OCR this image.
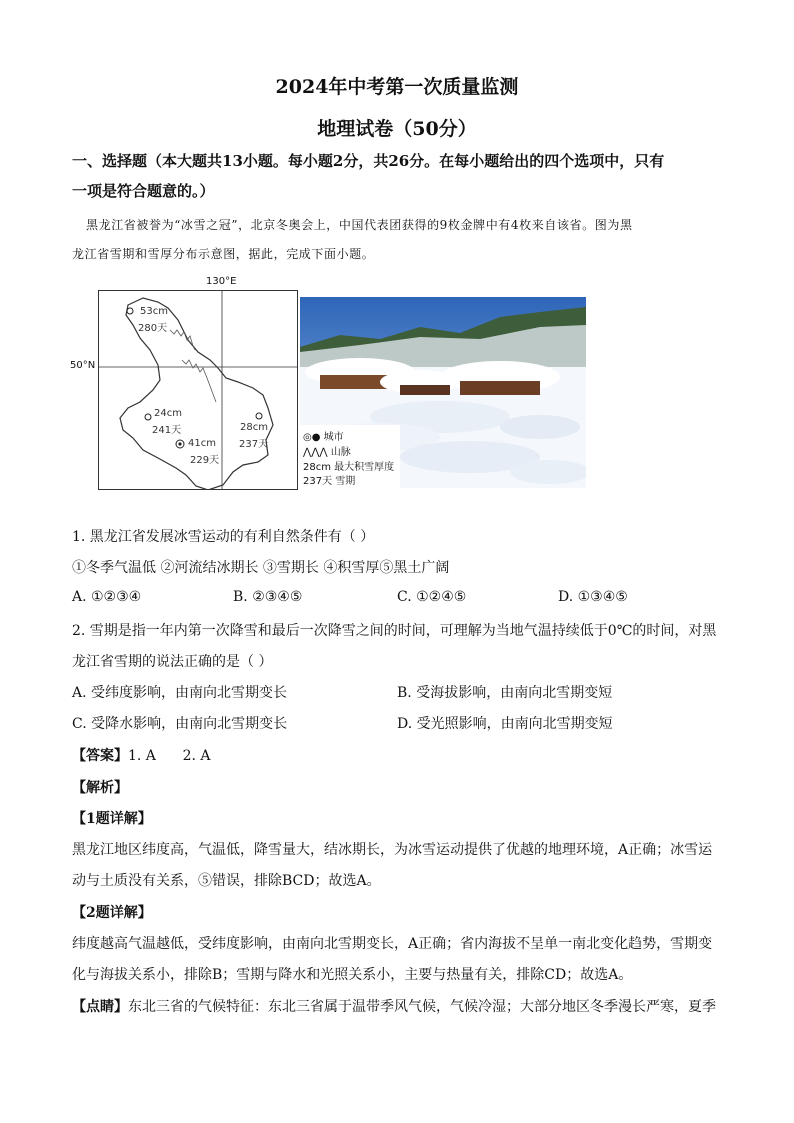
2024年中考第一次质量监测
地理试卷（50分）
一、选择题（本大题共13小题。每小题2分，共26分。在每小题给出的四个选项中，只有
一项是符合题意的。）
黑龙江省被誉为“冰雪之冠”，北京冬奥会上，中国代表团获得的9枚金牌中有4枚来自该省。图为黑
龙江省雪期和雪厚分布示意图，据此，完成下面小题。
130°E
50°N
53cm
280天
24cm
241天
41cm
229天
28cm
237天
◎● 城市
⋀⋀⋀ 山脉
28cm 最大积雪厚度
237天 雪期
1. 黑龙江省发展冰雪运动的有利自然条件有（ ）
①冬季气温低 ②河流结冰期长 ③雪期长 ④积雪厚⑤黑土广阔
A. ①②③④	B. ②③④⑤	C. ①②④⑤	D. ①③④⑤
2. 雪期是指一年内第一次降雪和最后一次降雪之间的时间，可理解为当地气温持续低于0℃的时间，对黑
龙江省雪期的说法正确的是（ ）
A. 受纬度影响，由南向北雪期变长	B. 受海拔影响，由南向北雪期变短
C. 受降水影响，由南向北雪期变长	D. 受光照影响，由南向北雪期变短
【答案】1. A      2. A
【解析】
【1题详解】
黑龙江地区纬度高，气温低，降雪量大，结冰期长，为冰雪运动提供了优越的地理环境，A正确；冰雪运
动与土质没有关系，⑤错误，排除BCD；故选A。
【2题详解】
纬度越高气温越低，受纬度影响，由南向北雪期变长，A正确；省内海拔不呈单一南北变化趋势，雪期变
化与海拔关系小，排除B；雪期与降水和光照关系小，主要与热量有关，排除CD；故选A。
【点睛】东北三省的气候特征：东北三省属于温带季风气候，气候冷湿；大部分地区冬季漫长严寒，夏季
